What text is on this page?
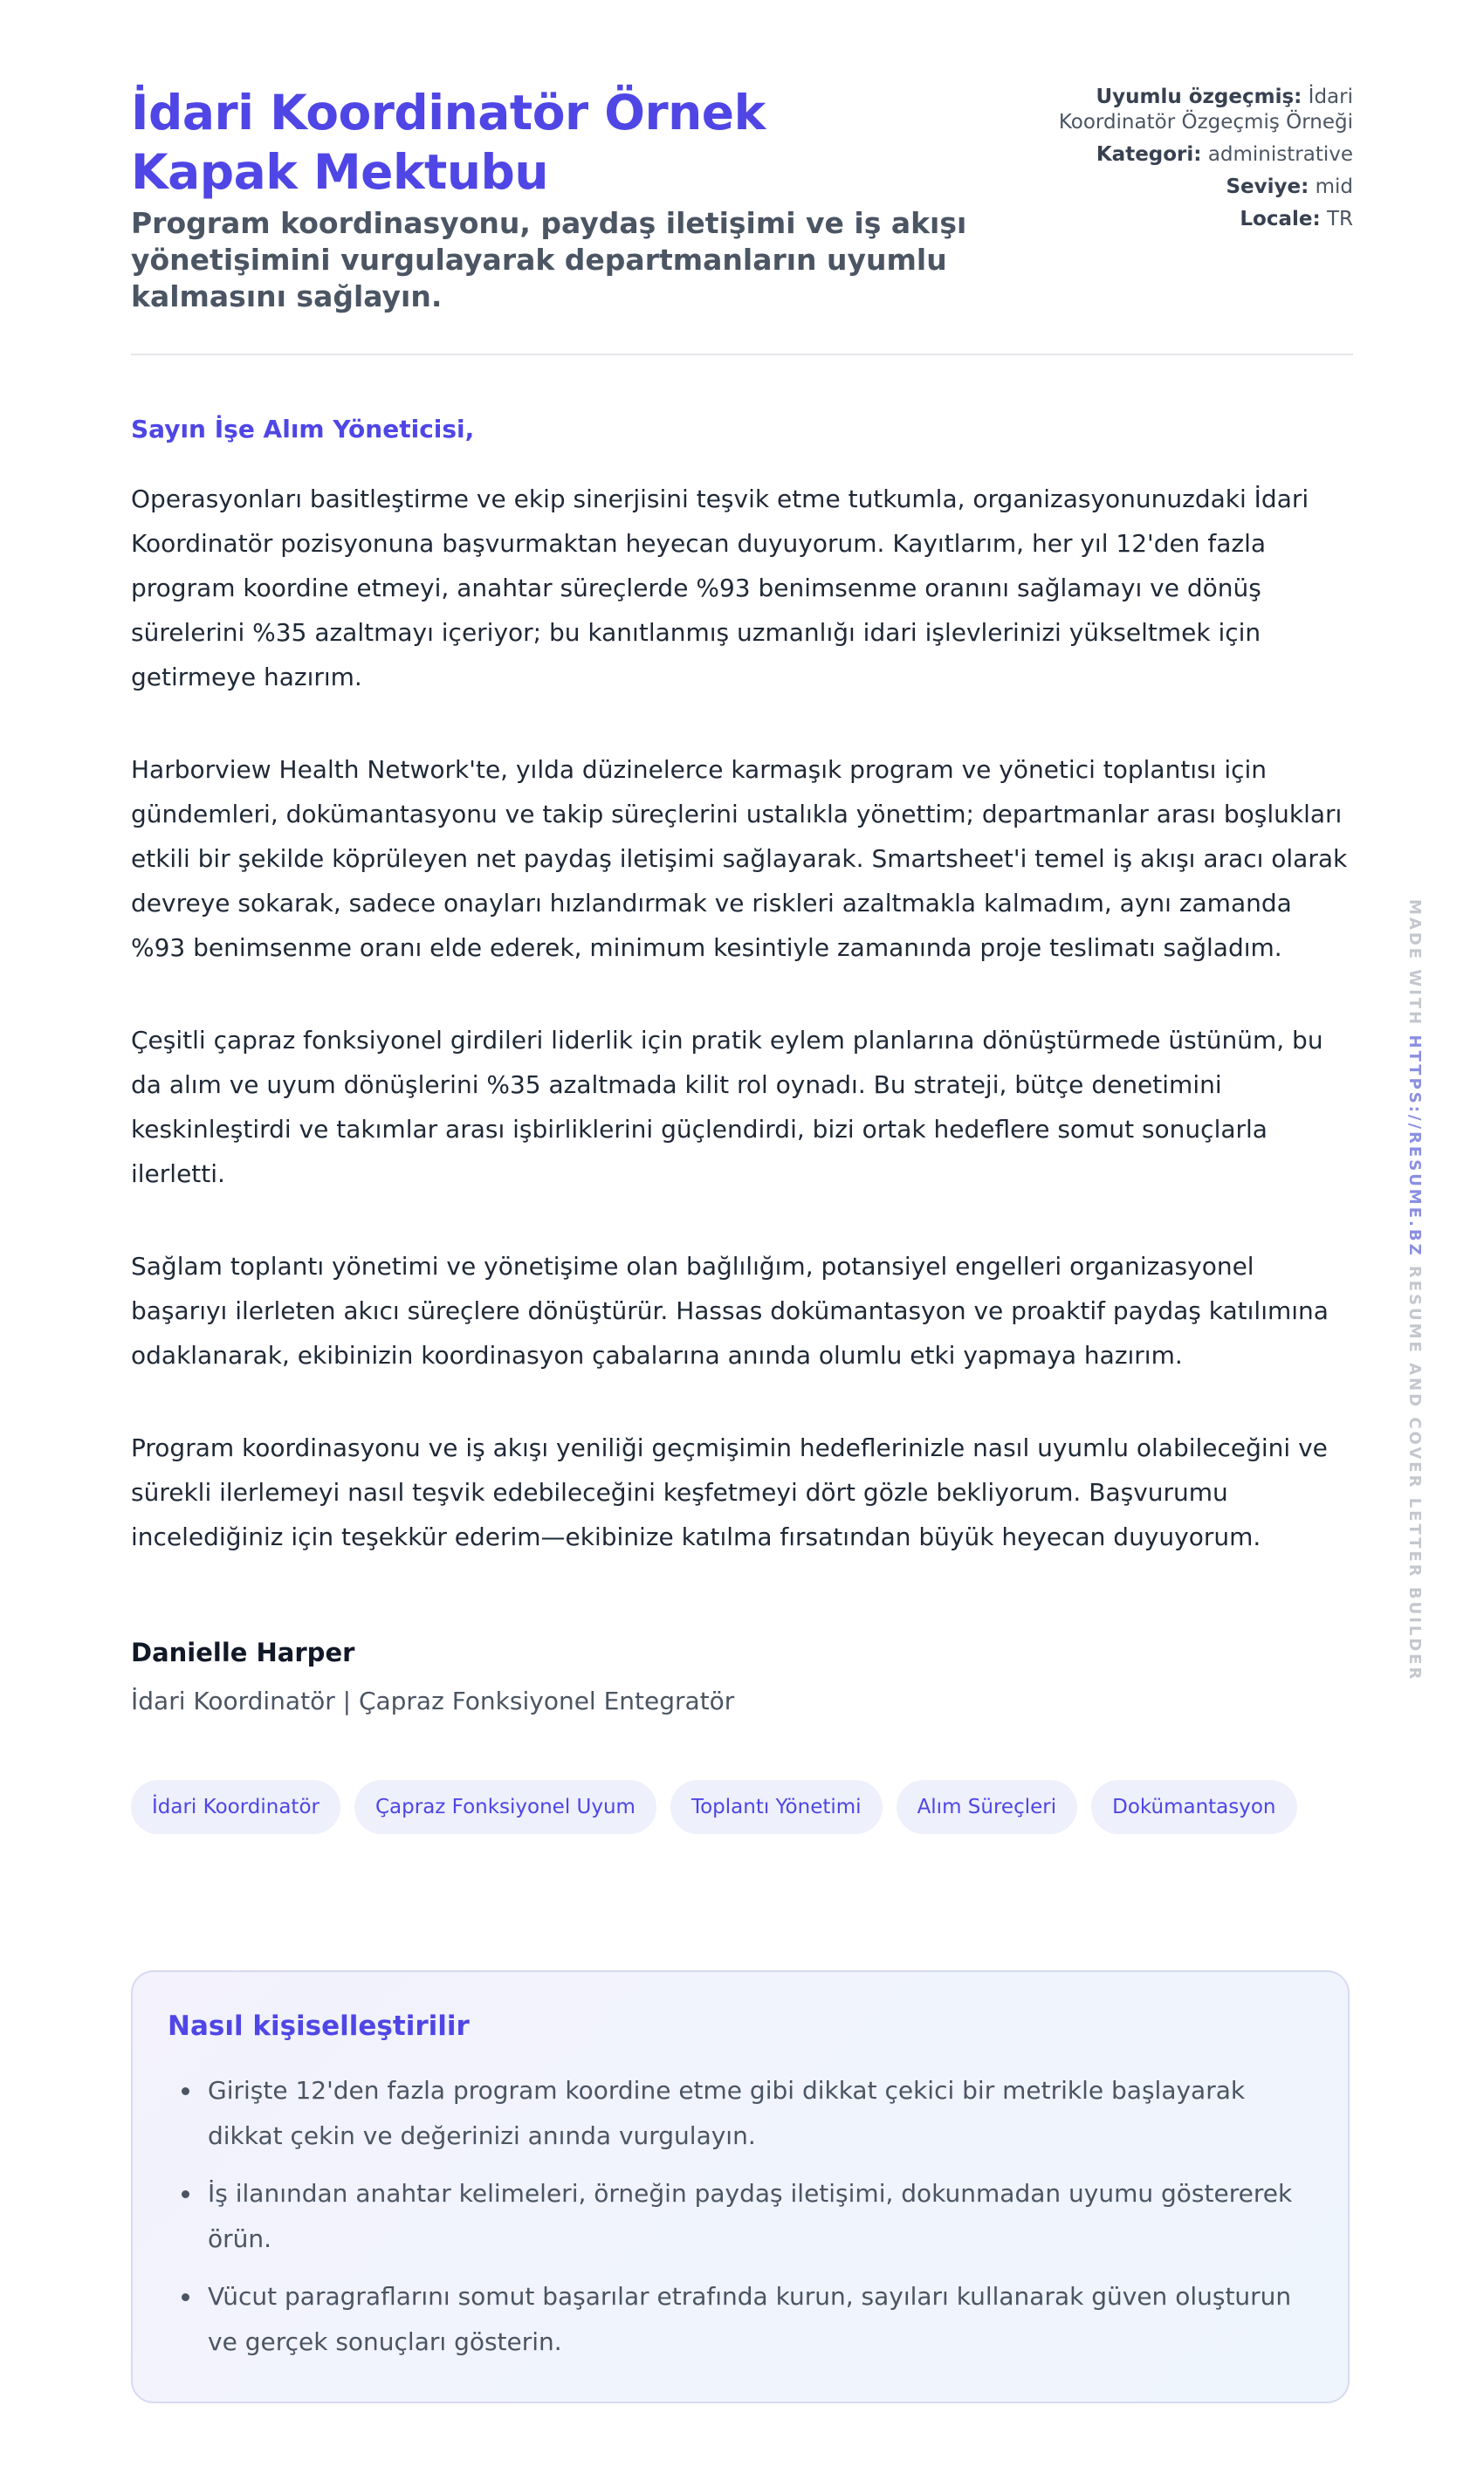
İdari Koordinatör Örnek Kapak Mektubu

Program koordinasyonu, paydaş iletişimi ve iş akışı yönetişimini vurgulayarak departmanların uyumlu kalmasını sağlayın.

Uyumlu özgeçmiş: İdari Koordinatör Özgeçmiş Örneği
Kategori: administrative
Seviye: mid
Locale: TR
Sayın İşe Alım Yöneticisi,

Operasyonları basitleştirme ve ekip sinerjisini teşvik etme tutkumla, organizasyonunuzdaki İdari Koordinatör pozisyonuna başvurmaktan heyecan duyuyorum. Kayıtlarım, her yıl 12'den fazla program koordine etmeyi, anahtar süreçlerde %93 benimsenme oranını sağlamayı ve dönüş sürelerini %35 azaltmayı içeriyor; bu kanıtlanmış uzmanlığı idari işlevlerinizi yükseltmek için getirmeye hazırım.

Harborview Health Network'te, yılda düzinelerce karmaşık program ve yönetici toplantısı için gündemleri, dokümantasyonu ve takip süreçlerini ustalıkla yönettim; departmanlar arası boşlukları etkili bir şekilde köprüleyen net paydaş iletişimi sağlayarak. Smartsheet'i temel iş akışı aracı olarak devreye sokarak, sadece onayları hızlandırmak ve riskleri azaltmakla kalmadım, aynı zamanda %93 benimsenme oranı elde ederek, minimum kesintiyle zamanında proje teslimatı sağladım.

Çeşitli çapraz fonksiyonel girdileri liderlik için pratik eylem planlarına dönüştürmede üstünüm, bu da alım ve uyum dönüşlerini %35 azaltmada kilit rol oynadı. Bu strateji, bütçe denetimini keskinleştirdi ve takımlar arası işbirliklerini güçlendirdi, bizi ortak hedeflere somut sonuçlarla ilerletti.

Sağlam toplantı yönetimi ve yönetişime olan bağlılığım, potansiyel engelleri organizasyonel başarıyı ilerleten akıcı süreçlere dönüştürür. Hassas dokümantasyon ve proaktif paydaş katılımına odaklanarak, ekibinizin koordinasyon çabalarına anında olumlu etki yapmaya hazırım.

Program koordinasyonu ve iş akışı yeniliği geçmişimin hedeflerinizle nasıl uyumlu olabileceğini ve sürekli ilerlemeyi nasıl teşvik edebileceğini keşfetmeyi dört gözle bekliyorum. Başvurumu incelediğiniz için teşekkür ederim—ekibinize katılma fırsatından büyük heyecan duyuyorum.

Danielle Harper
İdari Koordinatör | Çapraz Fonksiyonel Entegratör
İdari Koordinatör	Çapraz Fonksiyonel Uyum	Toplantı Yönetimi	Alım Süreçleri	Dokümantasyon
Nasıl kişiselleştirilir
• Girişte 12'den fazla program koordine etme gibi dikkat çekici bir metrikle başlayarak dikkat çekin ve değerinizi anında vurgulayın.
• İş ilanından anahtar kelimeleri, örneğin paydaş iletişimi, dokunmadan uyumu göstererek örün.
• Vücut paragraflarını somut başarılar etrafında kurun, sayıları kullanarak güven oluşturun ve gerçek sonuçları gösterin.
MADE WITH HTTPS://RESUME.BZ RESUME AND COVER LETTER BUILDER
